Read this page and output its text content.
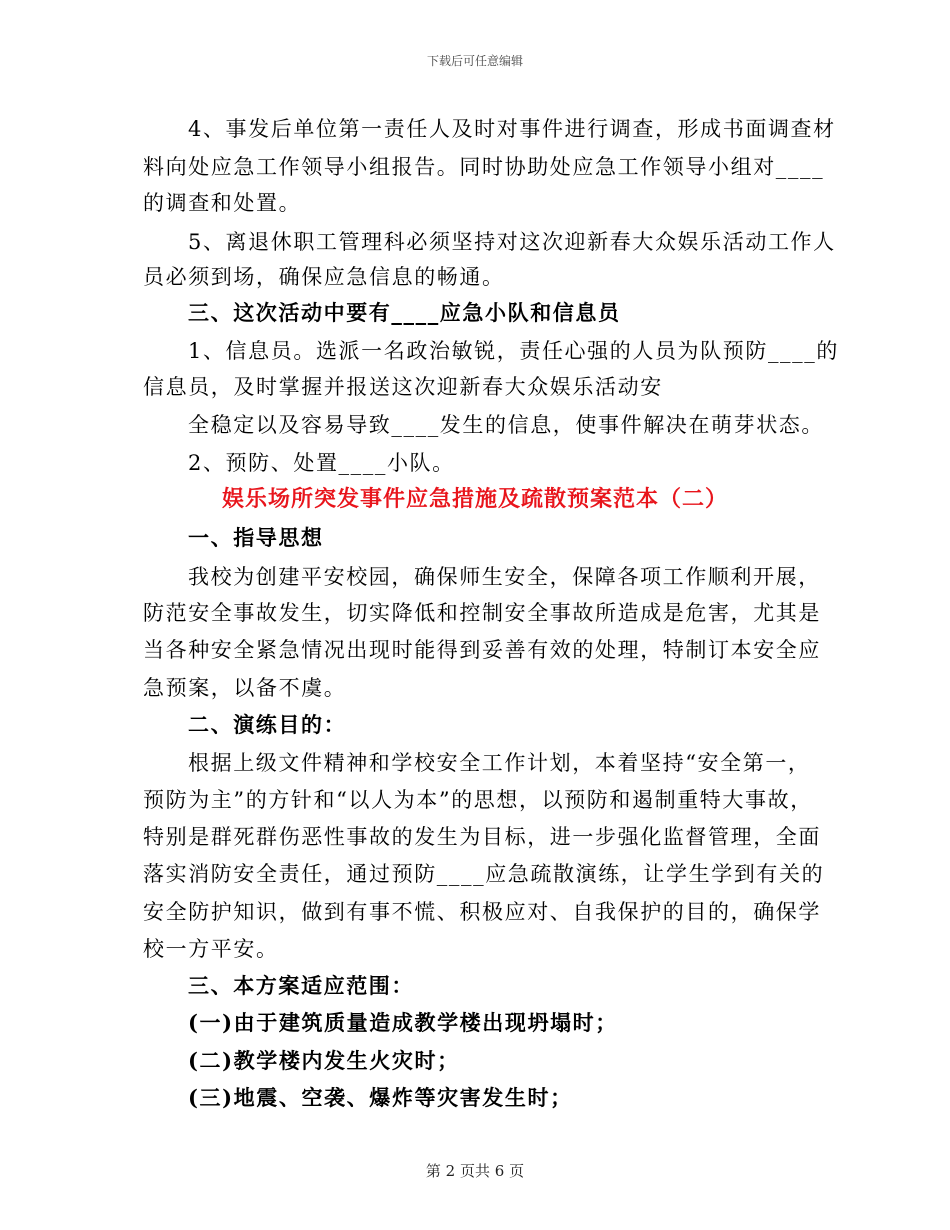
下载后可任意编辑
4、事发后单位第一责任人及时对事件进行调查，形成书面调查材
料向处应急工作领导小组报告。同时协助处应急工作领导小组对____
的调查和处置。
5、离退休职工管理科必须坚持对这次迎新春大众娱乐活动工作人
员必须到场，确保应急信息的畅通。
三、这次活动中要有____应急小队和信息员
1、信息员。选派一名政治敏锐，责任心强的人员为队预防____的
信息员，及时掌握并报送这次迎新春大众娱乐活动安
全稳定以及容易导致____发生的信息，使事件解决在萌芽状态。
2、预防、处置____小队。
娱乐场所突发事件应急措施及疏散预案范本（二）
一、指导思想
我校为创建平安校园，确保师生安全，保障各项工作顺利开展，
防范安全事故发生，切实降低和控制安全事故所造成是危害，尤其是
当各种安全紧急情况出现时能得到妥善有效的处理，特制订本安全应
急预案，以备不虞。
二、演练目的：
根据上级文件精神和学校安全工作计划，本着坚持“安全第一，
预防为主”的方针和“以人为本”的思想，以预防和遏制重特大事故，
特别是群死群伤恶性事故的发生为目标，进一步强化监督管理，全面
落实消防安全责任，通过预防____应急疏散演练，让学生学到有关的
安全防护知识，做到有事不慌、积极应对、自我保护的目的，确保学
校一方平安。
三、本方案适应范围：
(一)由于建筑质量造成教学楼出现坍塌时；
(二)教学楼内发生火灾时；
(三)地震、空袭、爆炸等灾害发生时；
第 2 页共 6 页
